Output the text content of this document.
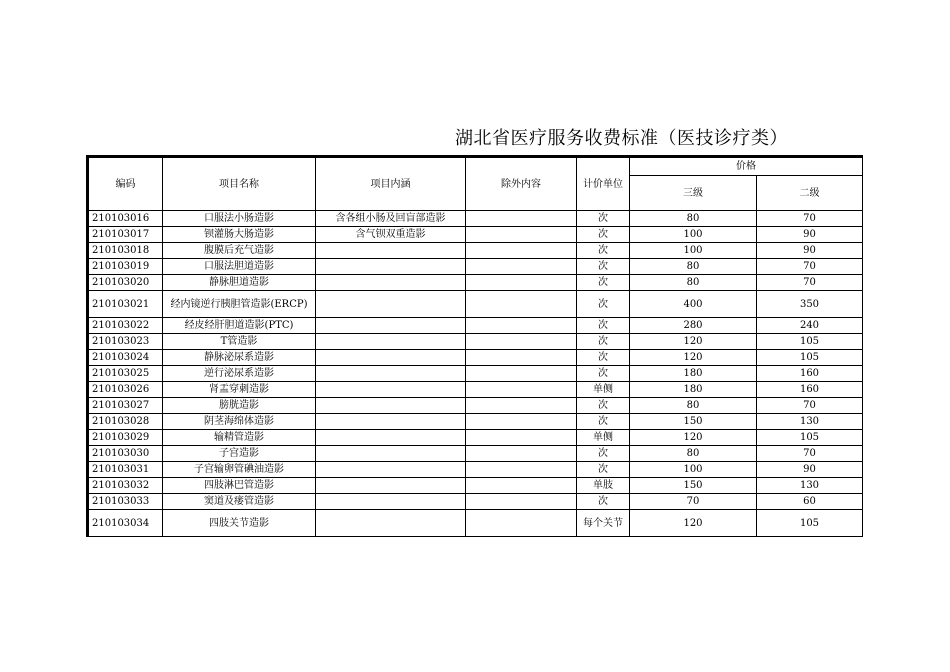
湖北省医疗服务收费标准（医技诊疗类）
编码	项目名称	项目内涵	除外内容	计价单位	价格	
					三级	二级
210103016	口服法小肠造影	含各组小肠及回盲部造影		次	80	70
210103017	钡灌肠大肠造影	含气钡双重造影		次	100	90
210103018	腹膜后充气造影			次	100	90
210103019	口服法胆道造影			次	80	70
210103020	静脉胆道造影			次	80	70
210103021	经内镜逆行胰胆管造影(ERCP)			次	400	350
210103022	经皮经肝胆道造影(PTC)			次	280	240
210103023	T管造影			次	120	105
210103024	静脉泌尿系造影			次	120	105
210103025	逆行泌尿系造影			次	180	160
210103026	肾盂穿刺造影			单侧	180	160
210103027	膀胱造影			次	80	70
210103028	阴茎海绵体造影			次	150	130
210103029	输精管造影			单侧	120	105
210103030	子宫造影			次	80	70
210103031	子宫输卵管碘油造影			次	100	90
210103032	四肢淋巴管造影			单肢	150	130
210103033	窦道及瘘管造影			次	70	60
210103034	四肢关节造影			每个关节	120	105
